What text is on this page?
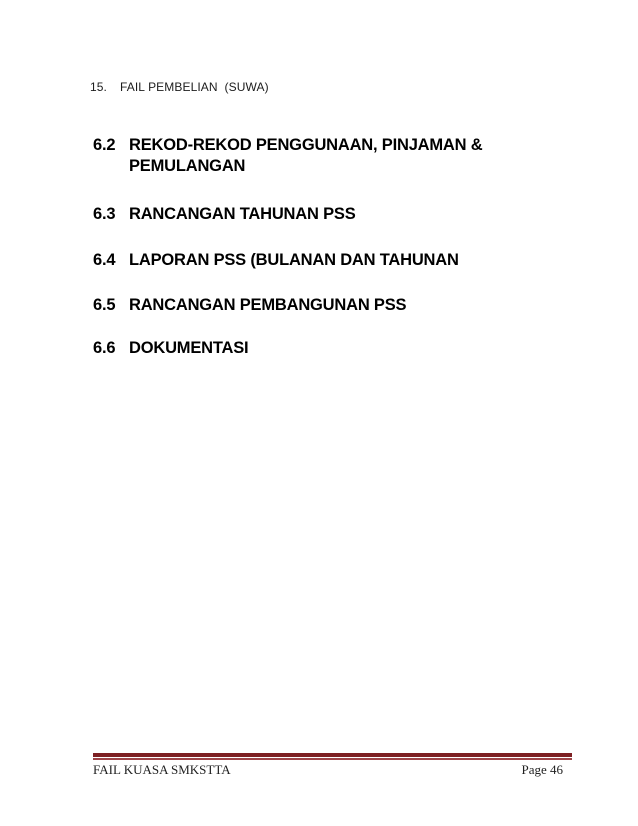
15.	FAIL PEMBELIAN  (SUWA)
6.2 REKOD-REKOD PENGGUNAAN, PINJAMAN & PEMULANGAN
6.3 RANCANGAN TAHUNAN PSS
6.4 LAPORAN PSS (BULANAN DAN TAHUNAN
6.5 RANCANGAN PEMBANGUNAN PSS
6.6 DOKUMENTASI
FAIL KUASA SMKSTTA	Page 46
